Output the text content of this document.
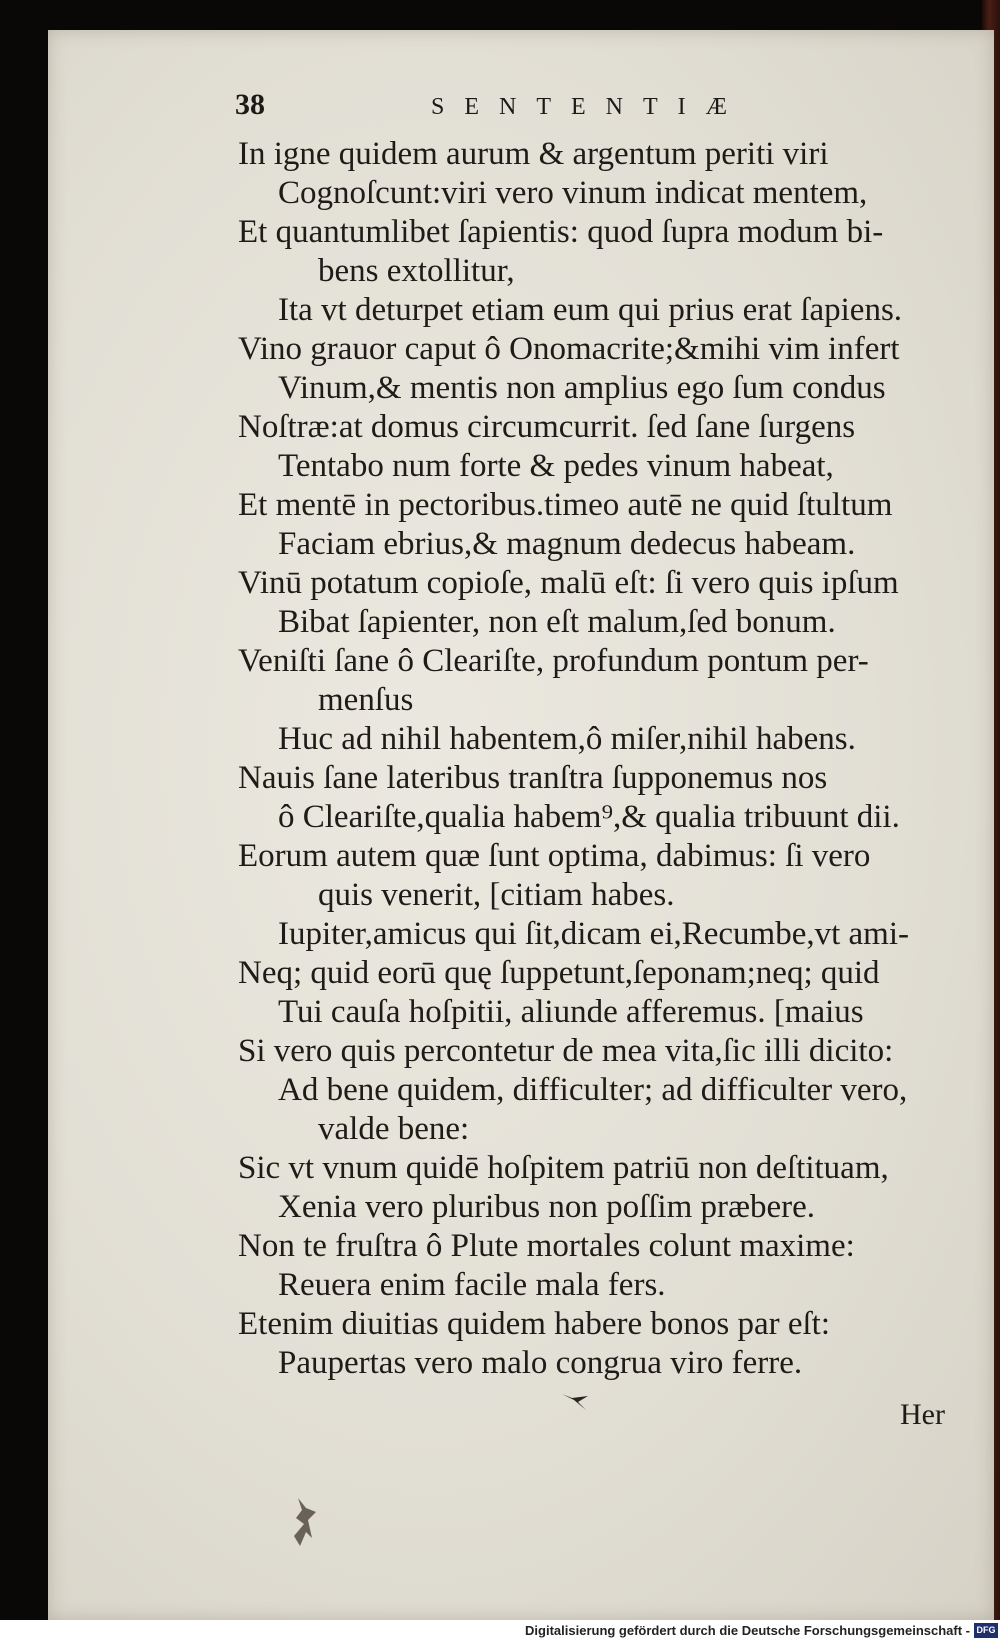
38	SENTENTIÆ
In igne quidem aurum & argentum periti viri
Cognoſcunt:viri vero vinum indicat mentem,
Et quantumlibet ſapientis: quod ſupra modum bi-
bens extollitur,
Ita vt deturpet etiam eum qui prius erat ſapiens.
Vino grauor caput ô Onomacrite;&mihi vim infert
Vinum,& mentis non amplius ego ſum condus
Noſtræ:at domus circumcurrit. ſed ſane ſurgens
Tentabo num forte & pedes vinum habeat,
Et mentē in pectoribus.timeo autē ne quid ſtultum
Faciam ebrius,& magnum dedecus habeam.
Vinū potatum copioſe, malū eſt: ſi vero quis ipſum
Bibat ſapienter, non eſt malum,ſed bonum.
Veniſti ſane ô Cleariſte, profundum pontum per-
menſus
Huc ad nihil habentem,ô miſer,nihil habens.
Nauis ſane lateribus tranſtra ſupponemus nos
ô Cleariſte,qualia habem⁹,& qualia tribuunt dii.
Eorum autem quæ ſunt optima, dabimus: ſi vero
quis venerit, [citiam habes.
Iupiter,amicus qui ſit,dicam ei,Recumbe,vt ami-
Neq; quid eorū quę ſuppetunt,ſeponam;neq; quid
Tui cauſa hoſpitii, aliunde afferemus. [maius
Si vero quis percontetur de mea vita,ſic illi dicito:
Ad bene quidem, difficulter; ad difficulter vero,
valde bene:
Sic vt vnum quidē hoſpitem patriū non deſtituam,
Xenia vero pluribus non poſſim præbere.
Non te fruſtra ô Plute mortales colunt maxime:
Reuera enim facile mala fers.
Etenim diuitias quidem habere bonos par eſt:
Paupertas vero malo congrua viro ferre.
Her
Digitalisierung gefördert durch die Deutsche Forschungsgemeinschaft - DFG
